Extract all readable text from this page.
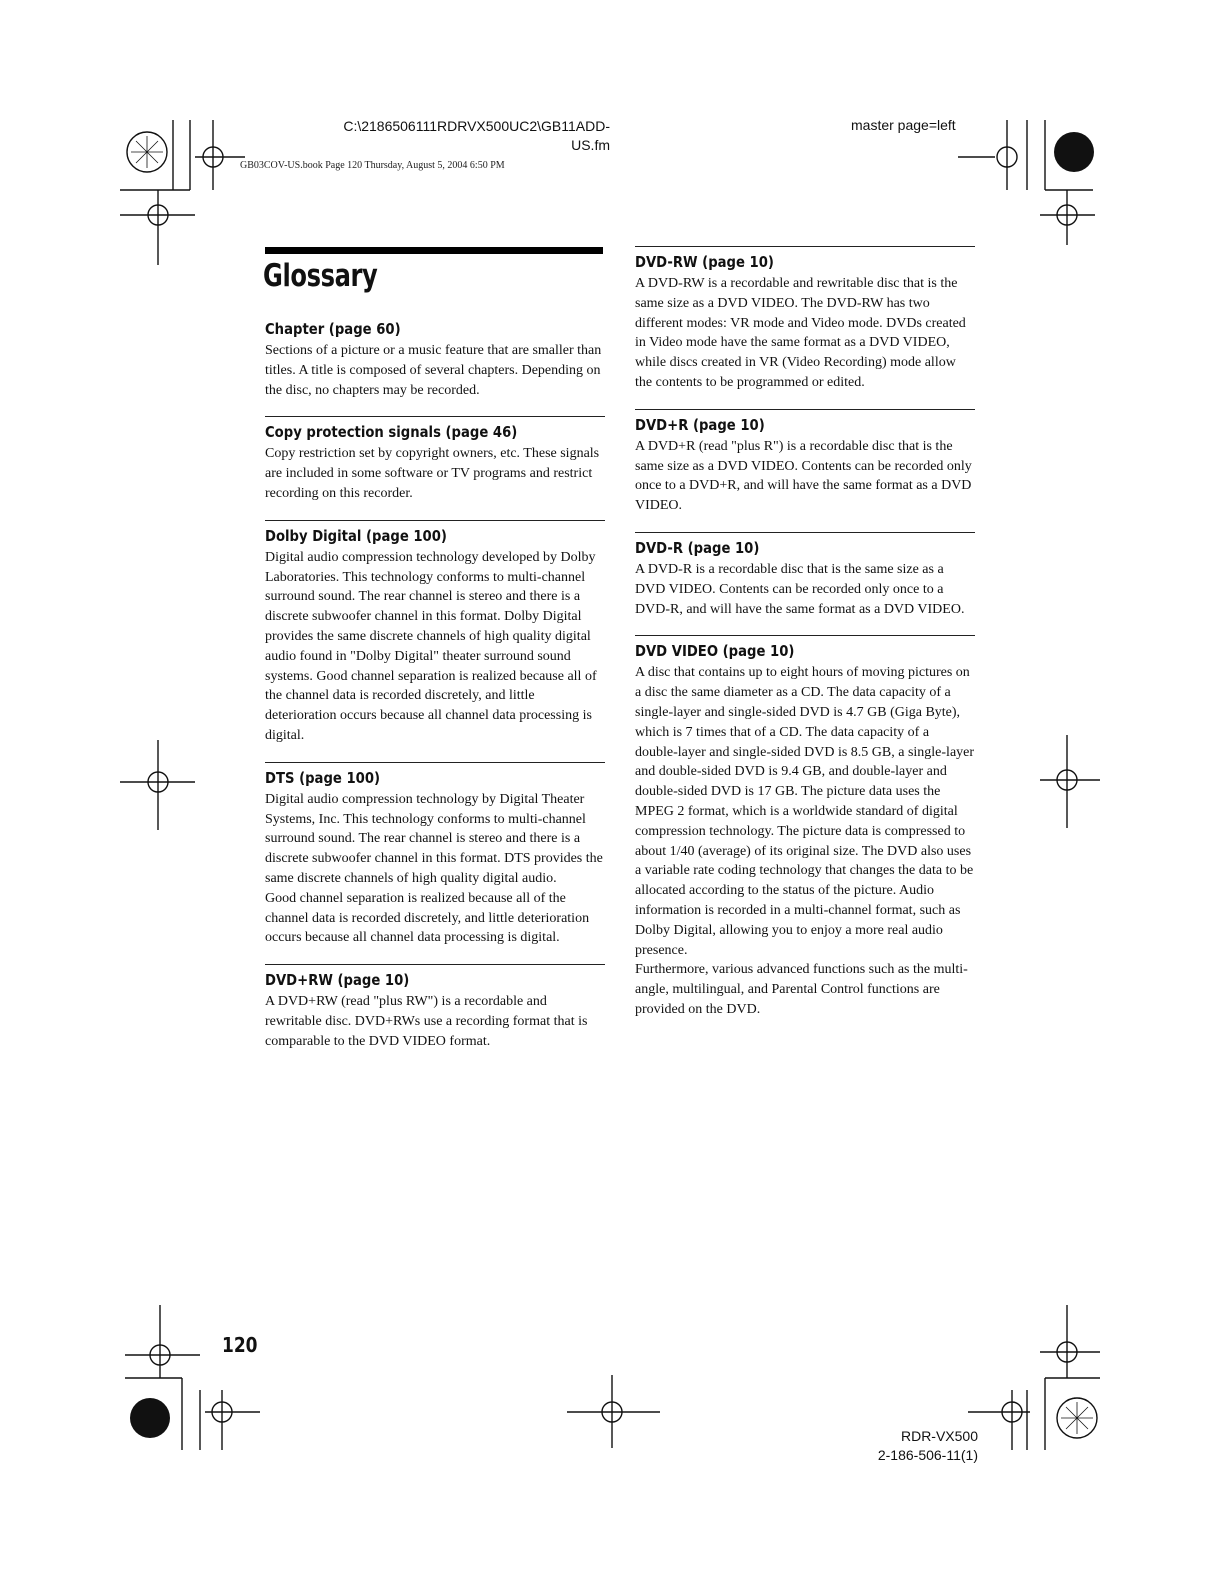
C:\2186506111RDRVX500UC2\GB11ADD-
US.fm
GB03COV-US.book Page 120 Thursday, August 5, 2004 6:50 PM
master page=left
Glossary
Chapter (page 60)

Sections of a picture or a music feature that are smaller than titles. A title is composed of several chapters. Depending on the disc, no chapters may be recorded.

Copy protection signals (page 46)

Copy restriction set by copyright owners, etc. These signals are included in some software or TV programs and restrict recording on this recorder.

Dolby Digital (page 100)

Digital audio compression technology developed by Dolby Laboratories. This technology conforms to multi-channel surround sound. The rear channel is stereo and there is a discrete subwoofer channel in this format. Dolby Digital provides the same discrete channels of high quality digital audio found in "Dolby Digital" theater surround sound systems. Good channel separation is realized because all of the channel data is recorded discretely, and little deterioration occurs because all channel data processing is digital.

DTS (page 100)

Digital audio compression technology by Digital Theater Systems, Inc. This technology conforms to multi-channel surround sound. The rear channel is stereo and there is a discrete subwoofer channel in this format. DTS provides the same discrete channels of high quality digital audio.

Good channel separation is realized because all of the channel data is recorded discretely, and little deterioration occurs because all channel data processing is digital.

DVD+RW (page 10)

A DVD+RW (read "plus RW") is a recordable and rewritable disc. DVD+RWs use a recording format that is comparable to the DVD VIDEO format.

DVD-RW (page 10)

A DVD-RW is a recordable and rewritable disc that is the same size as a DVD VIDEO. The DVD-RW has two different modes: VR mode and Video mode. DVDs created in Video mode have the same format as a DVD VIDEO, while discs created in VR (Video Recording) mode allow the contents to be programmed or edited.

DVD+R (page 10)

A DVD+R (read "plus R") is a recordable disc that is the same size as a DVD VIDEO. Contents can be recorded only once to a DVD+R, and will have the same format as a DVD VIDEO.

DVD-R (page 10)

A DVD-R is a recordable disc that is the same size as a DVD VIDEO. Contents can be recorded only once to a DVD-R, and will have the same format as a DVD VIDEO.

DVD VIDEO (page 10)

A disc that contains up to eight hours of moving pictures on a disc the same diameter as a CD. The data capacity of a single-layer and single-sided DVD is 4.7 GB (Giga Byte), which is 7 times that of a CD. The data capacity of a double-layer and single-sided DVD is 8.5 GB, a single-layer and double-sided DVD is 9.4 GB, and double-layer and double-sided DVD is 17 GB. The picture data uses the MPEG 2 format, which is a worldwide standard of digital compression technology. The picture data is compressed to about 1/40 (average) of its original size. The DVD also uses a variable rate coding technology that changes the data to be allocated according to the status of the picture. Audio information is recorded in a multi-channel format, such as Dolby Digital, allowing you to enjoy a more real audio presence.

Furthermore, various advanced functions such as the multi-angle, multilingual, and Parental Control functions are provided on the DVD.

120
RDR-VX500
2-186-506-11(1)
